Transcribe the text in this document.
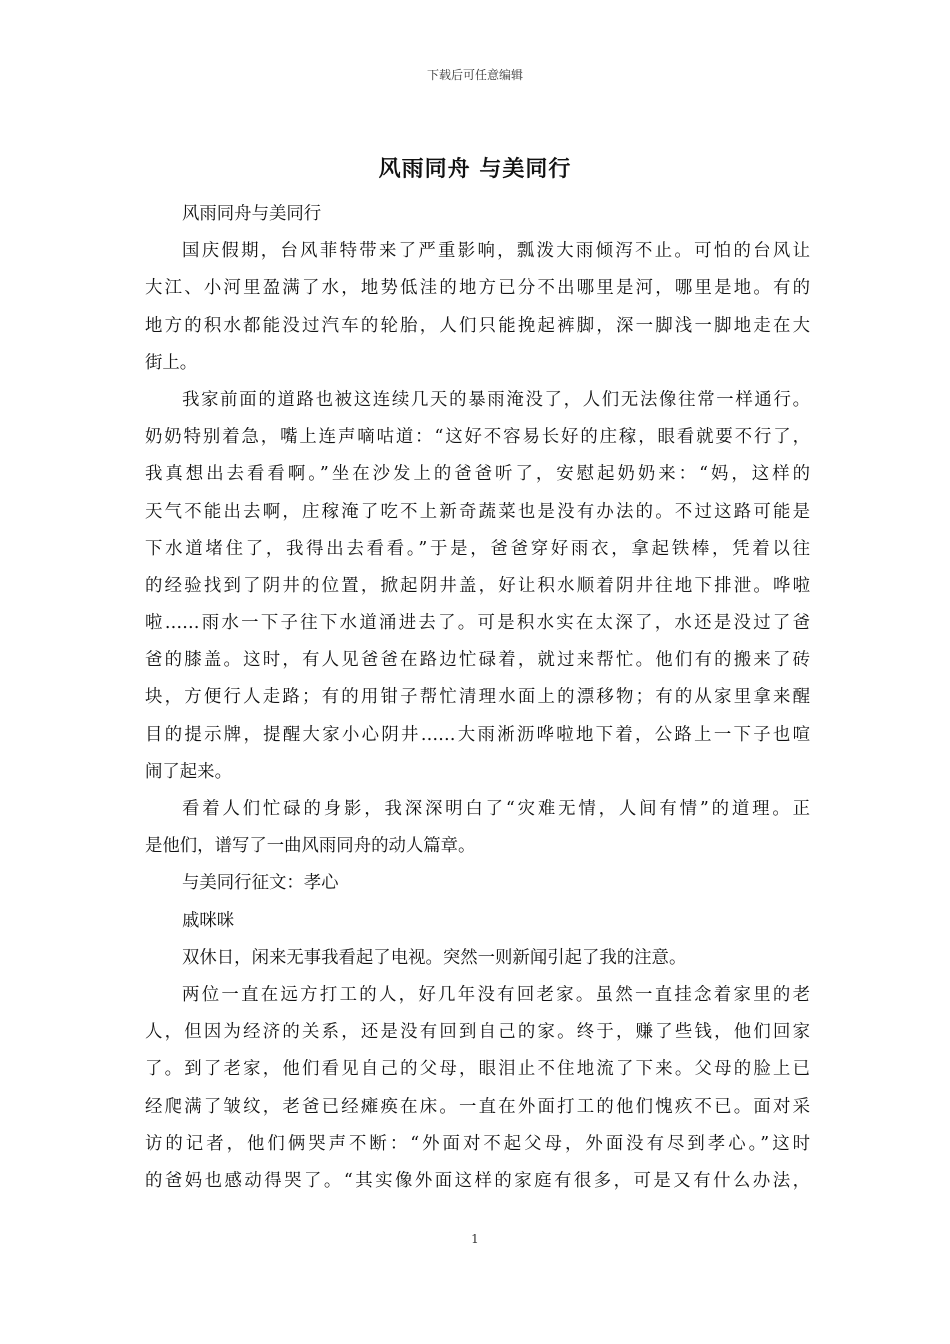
下载后可任意编辑
风雨同舟 与美同行
风雨同舟与美同行
国庆假期，台风菲特带来了严重影响，瓢泼大雨倾泻不止。可怕的台风让
大江、小河里盈满了水，地势低洼的地方已分不出哪里是河，哪里是地。有的
地方的积水都能没过汽车的轮胎，人们只能挽起裤脚，深一脚浅一脚地走在大
街上。
我家前面的道路也被这连续几天的暴雨淹没了，人们无法像往常一样通行。
奶奶特别着急，嘴上连声嘀咕道：“这好不容易长好的庄稼，眼看就要不行了，
我真想出去看看啊。”坐在沙发上的爸爸听了，安慰起奶奶来：“妈，这样的
天气不能出去啊，庄稼淹了吃不上新奇蔬菜也是没有办法的。不过这路可能是
下水道堵住了，我得出去看看。”于是，爸爸穿好雨衣，拿起铁棒，凭着以往
的经验找到了阴井的位置，掀起阴井盖，好让积水顺着阴井往地下排泄。哗啦
啦……雨水一下子往下水道涌进去了。可是积水实在太深了，水还是没过了爸
爸的膝盖。这时，有人见爸爸在路边忙碌着，就过来帮忙。他们有的搬来了砖
块，方便行人走路；有的用钳子帮忙清理水面上的漂移物；有的从家里拿来醒
目的提示牌，提醒大家小心阴井……大雨淅沥哗啦地下着，公路上一下子也喧
闹了起来。
看着人们忙碌的身影，我深深明白了“灾难无情，人间有情”的道理。正
是他们，谱写了一曲风雨同舟的动人篇章。
与美同行征文：孝心
戚咪咪
双休日，闲来无事我看起了电视。突然一则新闻引起了我的注意。
两位一直在远方打工的人，好几年没有回老家。虽然一直挂念着家里的老
人，但因为经济的关系，还是没有回到自己的家。终于，赚了些钱，他们回家
了。到了老家，他们看见自己的父母，眼泪止不住地流了下来。父母的脸上已
经爬满了皱纹，老爸已经瘫痪在床。一直在外面打工的他们愧疚不已。面对采
访的记者，他们俩哭声不断：“外面对不起父母，外面没有尽到孝心。”这时
的爸妈也感动得哭了。“其实像外面这样的家庭有很多，可是又有什么办法，
1
